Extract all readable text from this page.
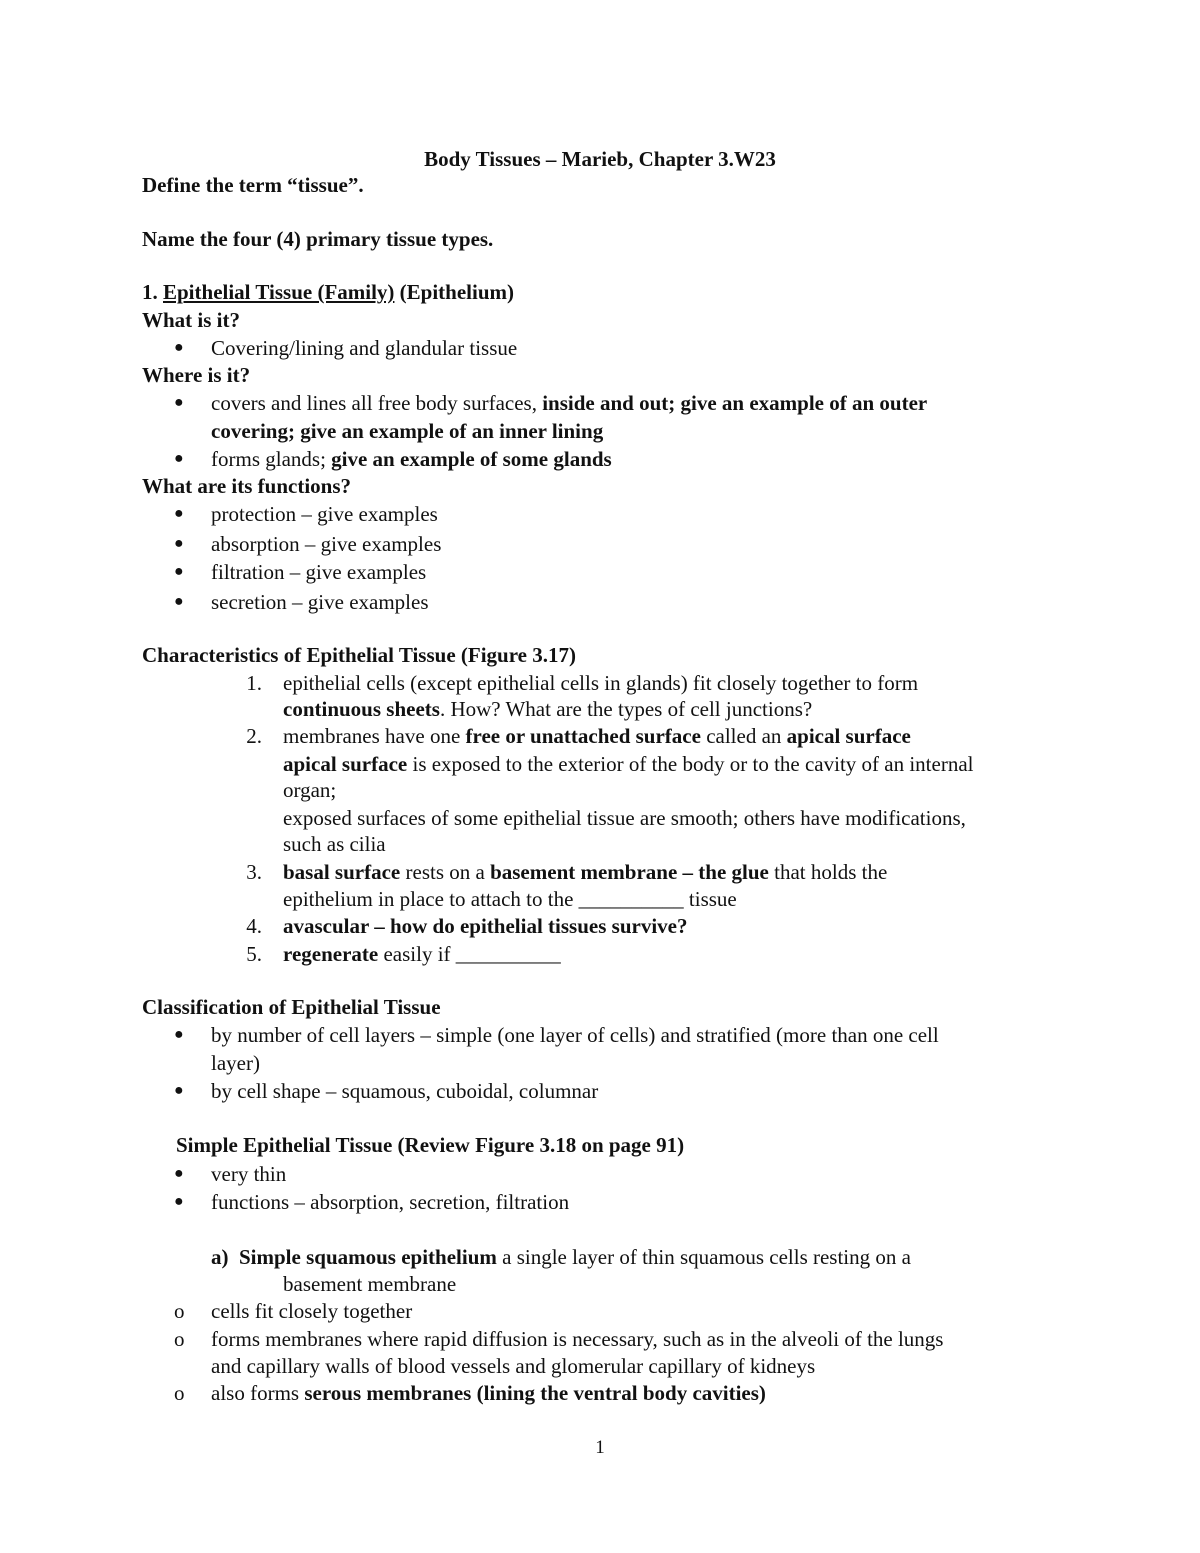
Body Tissues – Marieb, Chapter 3.W23
Define the term “tissue”.
Name the four (4) primary tissue types.
1. Epithelial Tissue (Family) (Epithelium)
What is it?
● Covering/lining and glandular tissue
Where is it?
● covers and lines all free body surfaces, inside and out; give an example of an outer
covering; give an example of an inner lining
● forms glands; give an example of some glands
What are its functions?
● protection – give examples
● absorption – give examples
● filtration – give examples
● secretion – give examples
Characteristics of Epithelial Tissue (Figure 3.17)
1. epithelial cells (except epithelial cells in glands) fit closely together to form
continuous sheets. How? What are the types of cell junctions?
2. membranes have one free or unattached surface called an apical surface
apical surface is exposed to the exterior of the body or to the cavity of an internal
organ;
exposed surfaces of some epithelial tissue are smooth; others have modifications,
such as cilia
3. basal surface rests on a basement membrane – the glue that holds the
epithelium in place to attach to the __________ tissue
4. avascular – how do epithelial tissues survive?
5. regenerate easily if __________
Classification of Epithelial Tissue
● by number of cell layers – simple (one layer of cells) and stratified (more than one cell
layer)
● by cell shape – squamous, cuboidal, columnar
Simple Epithelial Tissue (Review Figure 3.18 on page 91)
● very thin
● functions – absorption, secretion, filtration
a) Simple squamous epithelium a single layer of thin squamous cells resting on a
basement membrane
o cells fit closely together
o forms membranes where rapid diffusion is necessary, such as in the alveoli of the lungs
and capillary walls of blood vessels and glomerular capillary of kidneys
o also forms serous membranes (lining the ventral body cavities)
1
